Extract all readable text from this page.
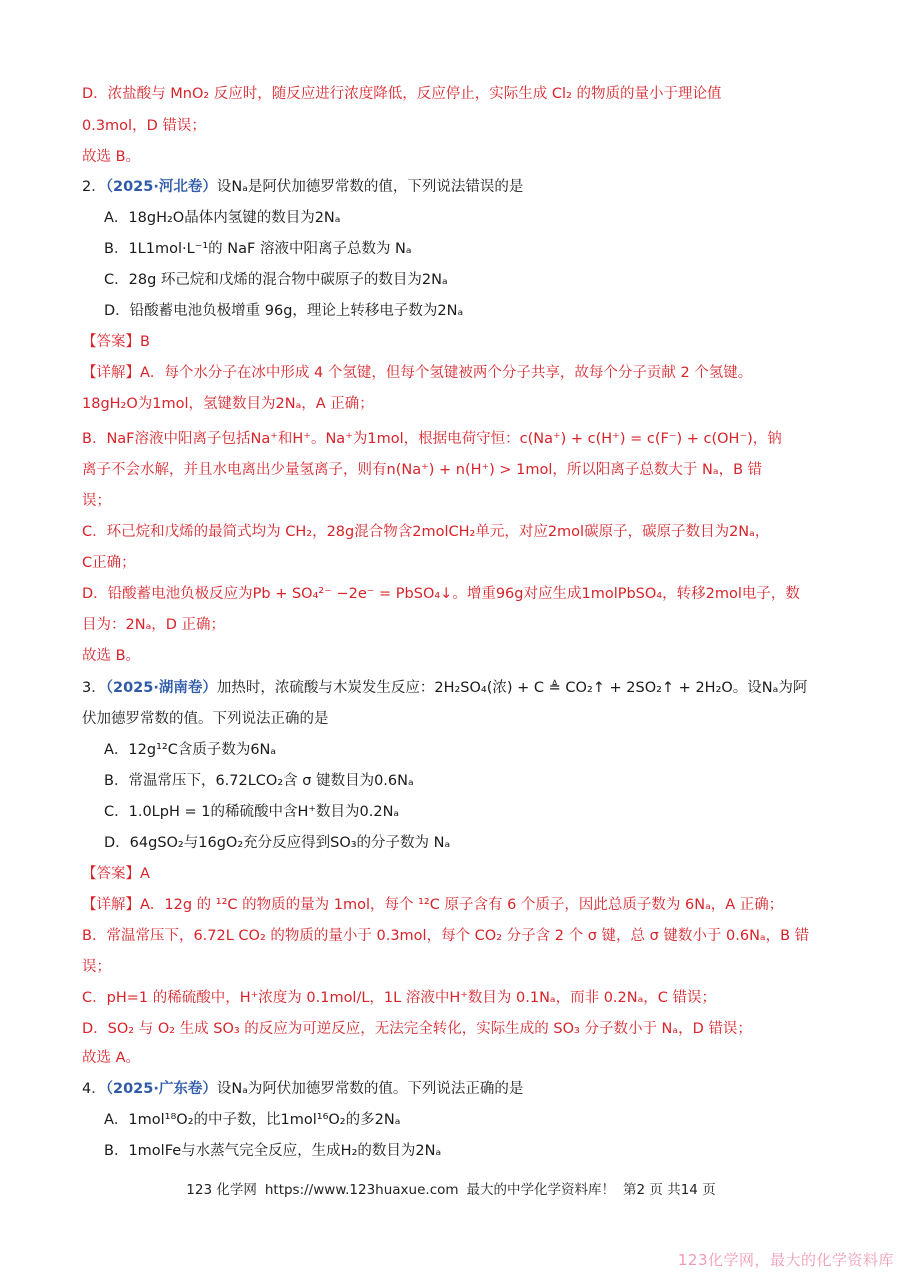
D．浓盐酸与 MnO₂ 反应时，随反应进行浓度降低，反应停止，实际生成 Cl₂ 的物质的量小于理论值
0.3mol，D 错误；
故选 B。
2．（2025·河北卷）设Nₐ是阿伏加德罗常数的值，下列说法错误的是
A．18gH₂O晶体内氢键的数目为2Nₐ
B．1L1mol·L⁻¹的 NaF 溶液中阳离子总数为 Nₐ
C．28g 环己烷和戊烯的混合物中碳原子的数目为2Nₐ
D．铅酸蓄电池负极增重 96g，理论上转移电子数为2Nₐ
【答案】B
【详解】A．每个水分子在冰中形成 4 个氢键，但每个氢键被两个分子共享，故每个分子贡献 2 个氢键。
18gH₂O为1mol，氢键数目为2Nₐ，A 正确；
B．NaF溶液中阳离子包括Na⁺和H⁺。Na⁺为1mol，根据电荷守恒：c(Na⁺) + c(H⁺) = c(F⁻) + c(OH⁻)，钠
离子不会水解，并且水电离出少量氢离子，则有n(Na⁺) + n(H⁺) > 1mol，所以阳离子总数大于 Nₐ，B 错
误；
C．环己烷和戊烯的最简式均为 CH₂，28g混合物含2molCH₂单元，对应2mol碳原子，碳原子数目为2Nₐ，
C正确；
D．铅酸蓄电池负极反应为Pb + SO₄²⁻ −2e⁻ = PbSO₄↓。增重96g对应生成1molPbSO₄，转移2mol电子，数
目为：2Nₐ，D 正确；
故选 B。
3．（2025·湖南卷）加热时，浓硫酸与木炭发生反应：2H₂SO₄(浓) + C ≜ CO₂↑ + 2SO₂↑ + 2H₂O。设Nₐ为阿
伏加德罗常数的值。下列说法正确的是
A．12g¹²C含质子数为6Nₐ
B．常温常压下，6.72LCO₂含 σ 键数目为0.6Nₐ
C．1.0LpH = 1的稀硫酸中含H⁺数目为0.2Nₐ
D．64gSO₂与16gO₂充分反应得到SO₃的分子数为 Nₐ
【答案】A
【详解】A．12g 的 ¹²C 的物质的量为 1mol，每个 ¹²C 原子含有 6 个质子，因此总质子数为 6Nₐ，A 正确；
B．常温常压下，6.72L CO₂ 的物质的量小于 0.3mol，每个 CO₂ 分子含 2 个 σ 键，总 σ 键数小于 0.6Nₐ，B 错
误；
C．pH=1 的稀硫酸中，H⁺浓度为 0.1mol/L，1L 溶液中H⁺数目为 0.1Nₐ，而非 0.2Nₐ，C 错误；
D．SO₂ 与 O₂ 生成 SO₃ 的反应为可逆反应，无法完全转化，实际生成的 SO₃ 分子数小于 Nₐ，D 错误；
故选 A。
4．（2025·广东卷）设Nₐ为阿伏加德罗常数的值。下列说法正确的是
A．1mol¹⁸O₂的中子数，比1mol¹⁶O₂的多2Nₐ
B．1molFe与水蒸气完全反应，生成H₂的数目为2Nₐ
123 化学网 https://www.123huaxue.com 最大的中学化学资料库！ 第2 页 共14 页
123化学网，最大的化学资料库
